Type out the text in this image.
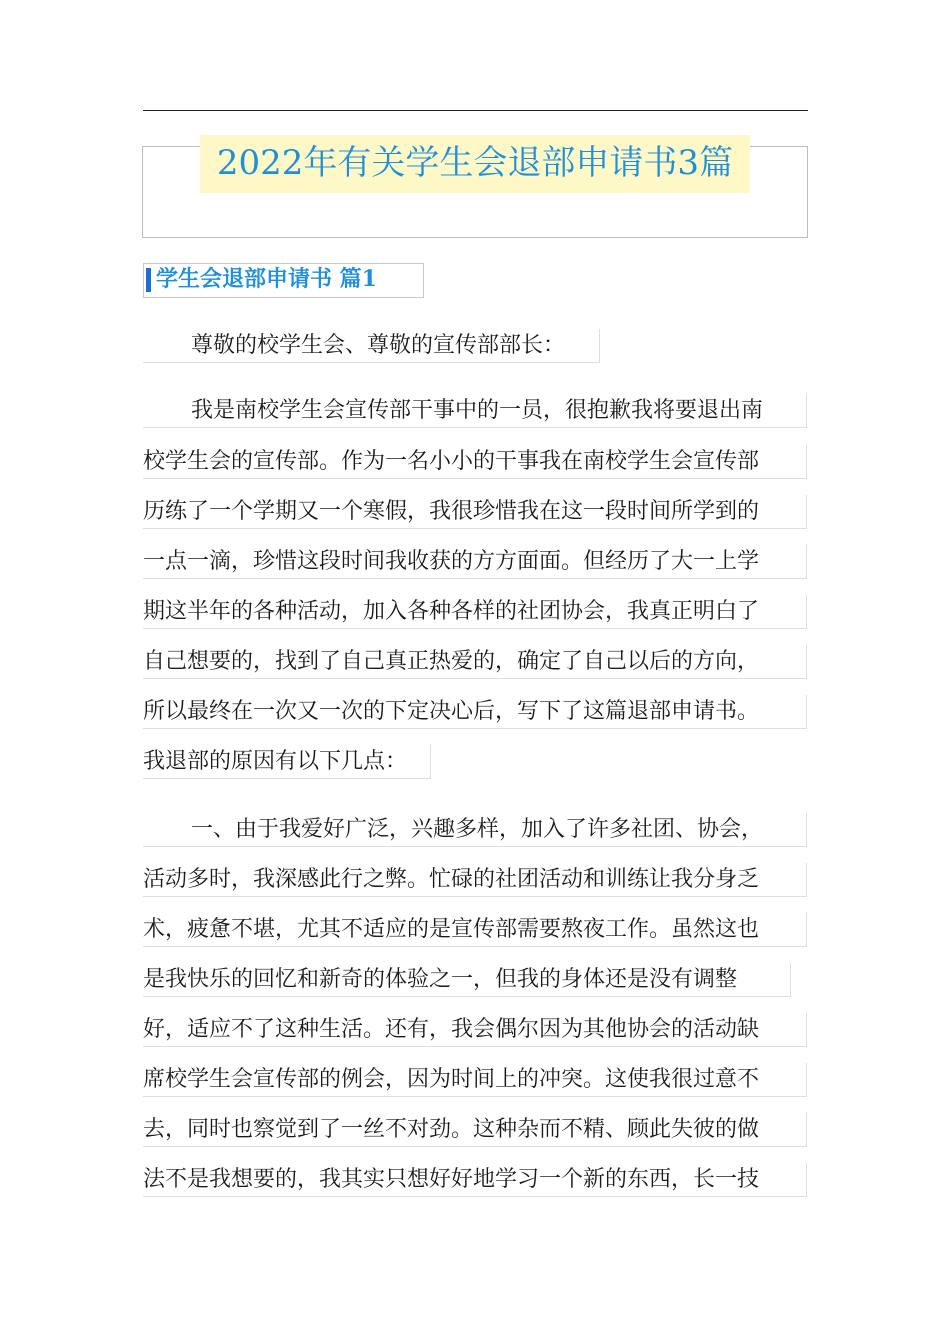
2022年有关学生会退部申请书3篇
学生会退部申请书 篇1
尊敬的校学生会、尊敬的宣传部部长：
我是南校学生会宣传部干事中的一员，很抱歉我将要退出南
校学生会的宣传部。作为一名小小的干事我在南校学生会宣传部
历练了一个学期又一个寒假，我很珍惜我在这一段时间所学到的
一点一滴，珍惜这段时间我收获的方方面面。但经历了大一上学
期这半年的各种活动，加入各种各样的社团协会，我真正明白了
自己想要的，找到了自己真正热爱的，确定了自己以后的方向，
所以最终在一次又一次的下定决心后，写下了这篇退部申请书。
我退部的原因有以下几点：
一、由于我爱好广泛，兴趣多样，加入了许多社团、协会，
活动多时，我深感此行之弊。忙碌的社团活动和训练让我分身乏
术，疲惫不堪，尤其不适应的是宣传部需要熬夜工作。虽然这也
是我快乐的回忆和新奇的体验之一，但我的身体还是没有调整
好，适应不了这种生活。还有，我会偶尔因为其他协会的活动缺
席校学生会宣传部的例会，因为时间上的冲突。这使我很过意不
去，同时也察觉到了一丝不对劲。这种杂而不精、顾此失彼的做
法不是我想要的，我其实只想好好地学习一个新的东西，长一技
